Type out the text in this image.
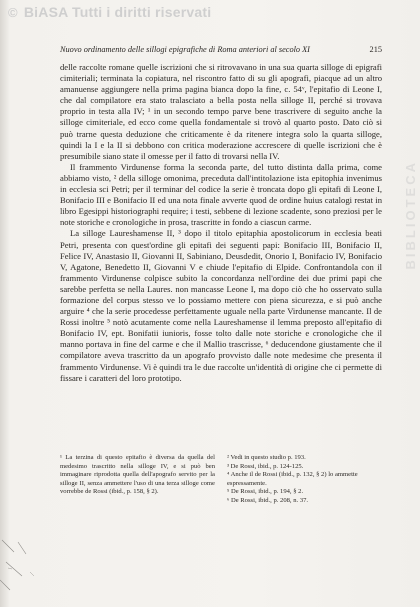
© BiASA Tutti i diritti riservati
BIBLIOTECA
Nuovo ordinamento delle sillogi epigrafiche di Roma anteriori al secolo XI	215

delle raccolte romane quelle iscrizioni che si ritrovavano in una sua quarta silloge di epigrafi cimiteriali; terminata la copiatura, nel riscontro fatto di su gli apografi, piacque ad un altro amanuense aggiungere nella prima pagina bianca dopo la fine, c. 54ᵛ, l'epitafio di Leone I, che dal compilatore era stato tralasciato a bella posta nella silloge II, perché si trovava proprio in testa alla IV; ¹ in un secondo tempo parve bene trascrivere di seguito anche la silloge cimiteriale, ed ecco come quella fondamentale si trovò al quarto posto. Dato ciò si può trarne questa deduzione che criticamente è da ritenere integra solo la quarta silloge, quindi la I e la II si debbono con critica moderazione accrescere di quelle iscrizioni che è presumibile siano state il omesse per il fatto di trovarsi nella IV.

Il frammento Virdunense forma la seconda parte, del tutto distinta dalla prima, come abbiamo visto, ² della silloge omonima, preceduta dall'intitolazione ista epitophia invenimus in ecclesia sci Petri; per il terminar del codice la serie è troncata dopo gli epitafi di Leone I, Bonifacio III e Bonifacio II ed una nota finale avverte quod de ordine huius catalogi restat in libro Egesippi historiographi require; i testi, sebbene di lezione scadente, sono preziosi per le note storiche e cronologiche in prosa, trascritte in fondo a ciascun carme.

La silloge Laureshamense II, ³ dopo il titolo epitaphia apostolicorum in ecclesia beati Petri, presenta con quest'ordine gli epitafi dei seguenti papi: Bonifacio III, Bonifacio II, Felice IV, Anastasio II, Giovanni II, Sabiniano, Deusdedit, Onorio I, Bonifacio IV, Bonifacio V, Agatone, Benedetto II, Giovanni V e chiude l'epitafio di Elpide. Confrontandola con il frammento Virdunense colpisce subito la concordanza nell'ordine dei due primi papi che sarebbe perfetta se nella Laures. non mancasse Leone I, ma dopo ciò che ho osservato sulla formazione del corpus stesso ve lo possiamo mettere con piena sicurezza, e si può anche arguire ⁴ che la serie procedesse perfettamente uguale nella parte Virdunense mancante. Il de Rossi inoltre ⁵ notò acutamente come nella Laureshamense il lemma preposto all'epitafio di Bonifacio IV, ept. Bonifatii iunioris, fosse tolto dalle note storiche e cronologiche che il manno portava in fine del carme e che il Mallio trascrisse, ⁶ deducendone giustamente che il compilatore aveva trascritto da un apografo provvisto dalle note medesime che presenta il frammento Virdunense. Vi è quindi tra le due raccolte un'identità di origine che ci permette di fissare i caratteri del loro prototipo.

¹ La terzina di questo epitafio è diversa da quella del medesimo trascritto nella silloge IV, e si può ben immaginare riprodotta quella dell'apografo servito per la silloge II, senza ammettere l'uso di una terza silloge come vorrebbe de Rossi (ibid., p. 158, § 2).

² Vedi in questo studio p. 193.

³ De Rossi, ibid., p. 124-125.

⁴ Anche il de Rossi (ibid., p. 132, § 2) lo ammette espressamente.

⁵ De Rossi, ibid., p. 194, § 2.

⁶ De Rossi, ibid., p. 208, n. 37.
